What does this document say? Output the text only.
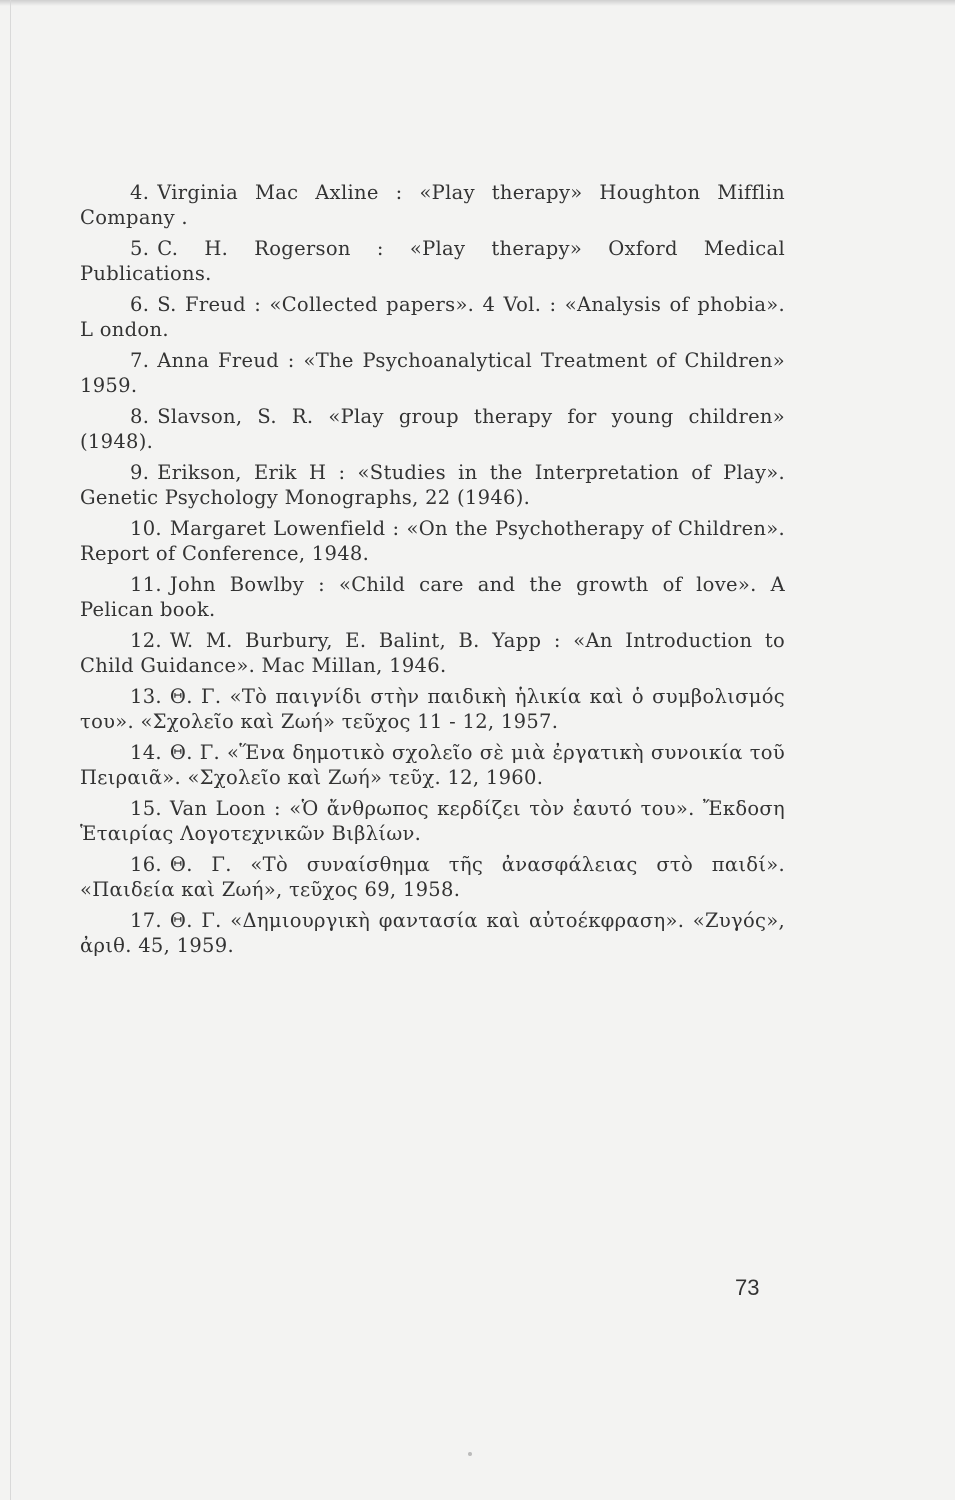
4. Virginia Mac Axline : «Play therapy» Houghton Mifflin Company .

5. C. H. Rogerson : «Play therapy» Oxford Medical Publications.

6. S. Freud : «Collected papers». 4 Vol. : «Analysis of phobia». L ondon.

7. Anna Freud : «The Psychoanalytical Treatment of Children» 1959.

8. Slavson, S. R. «Play group therapy for young children» (1948).

9. Erikson, Erik H : «Studies in the Interpretation of Play». Genetic Psychology Monographs, 22 (1946).

10. Margaret Lowenfield : «On the Psychotherapy of Children». Report of Conference, 1948.

11. John Bowlby : «Child care and the growth of love». A Pelican book.

12. W. M. Burbury, E. Balint, B. Yapp : «An Introduction to Child Guidance». Mac Millan, 1946.

13. Θ. Γ. «Τὸ παιγνίδι στὴν παιδικὴ ἡλικία καὶ ὁ συμβολισμός του». «Σχολεῖο καὶ Ζωή» τεῦχος 11 - 12, 1957.

14. Θ. Γ. «Ἕνα δημοτικὸ σχολεῖο σὲ μιὰ ἐργατικὴ συνοικία τοῦ Πειραιᾶ». «Σχολεῖο καὶ Ζωή» τεῦχ. 12, 1960.

15. Van Loon : «Ὁ ἄνθρωπος κερδίζει τὸν ἑαυτό του». Ἔκδοση Ἑταιρίας Λογοτεχνικῶν Βιβλίων.

16. Θ. Γ. «Τὸ συναίσθημα τῆς ἀνασφάλειας στὸ παιδί». «Παιδεία καὶ Ζωή», τεῦχος 69, 1958.

17. Θ. Γ. «Δημιουργικὴ φαντασία καὶ αὐτοέκφραση». «Ζυγός», ἀριθ. 45, 1959.

73
